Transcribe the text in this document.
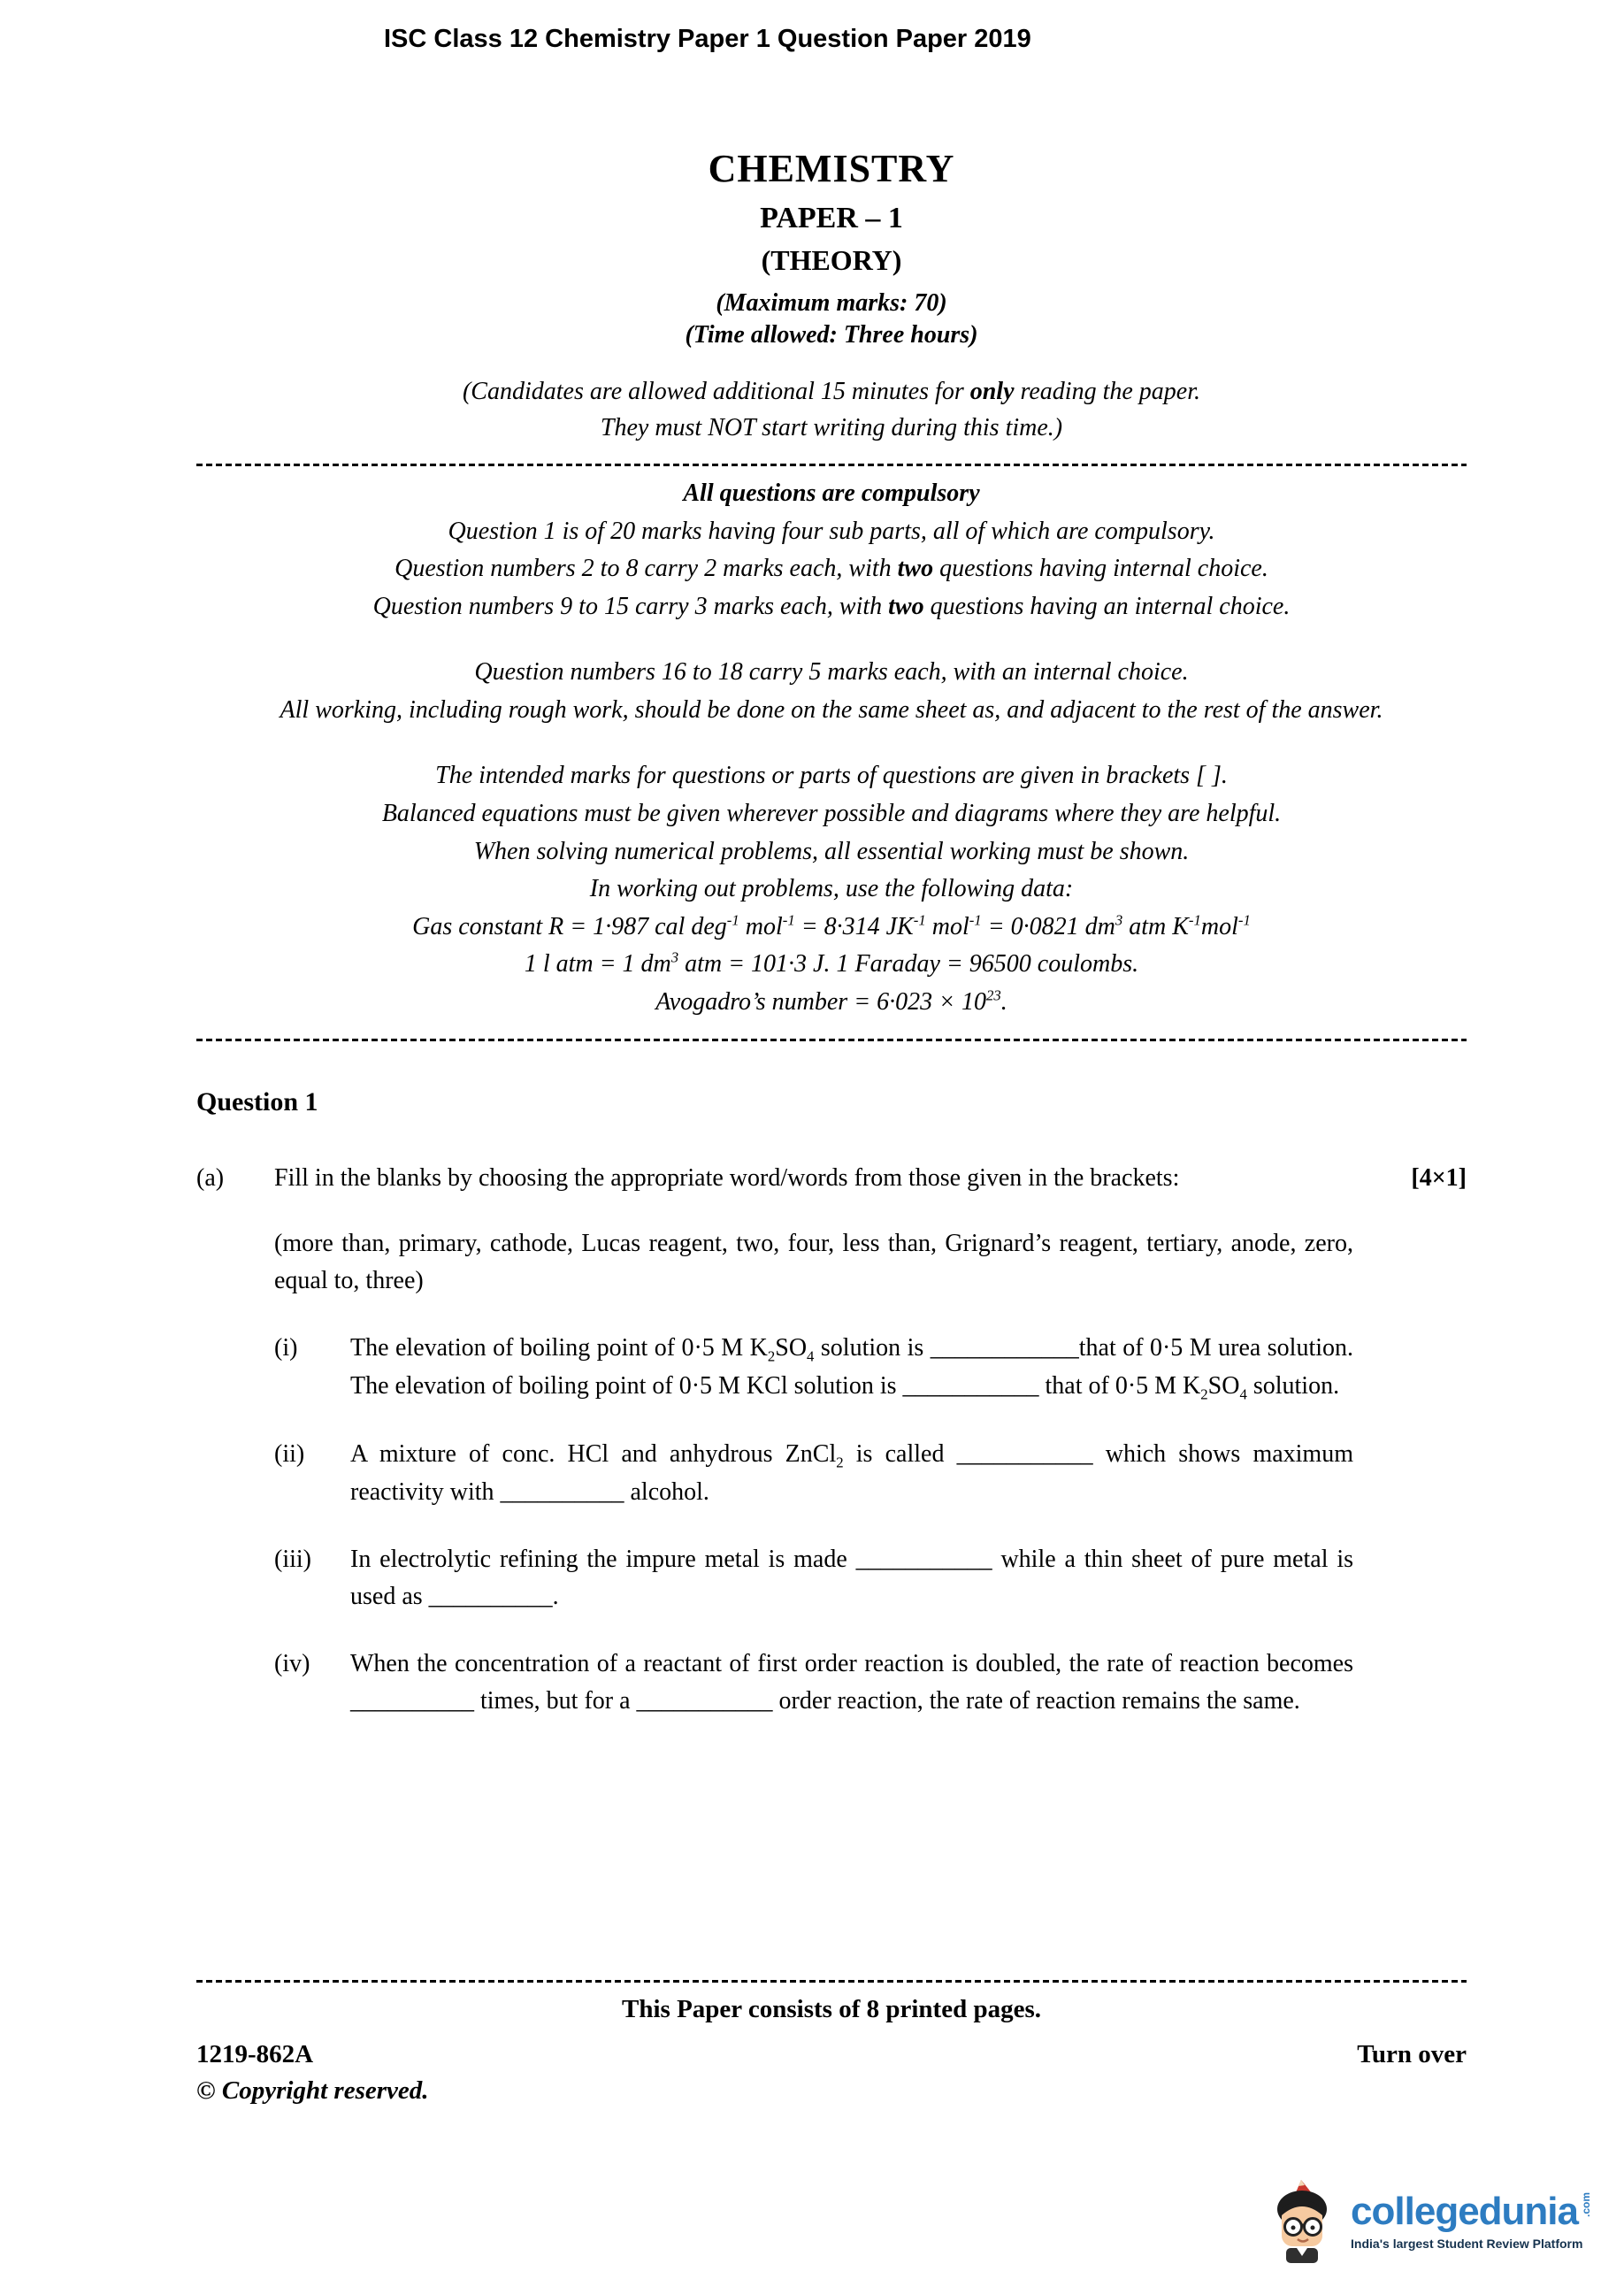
ISC Class 12 Chemistry Paper 1 Question Paper 2019
CHEMISTRY
PAPER – 1
(THEORY)
(Maximum marks: 70)
(Time allowed: Three hours)
(Candidates are allowed additional 15 minutes for only reading the paper.
They must NOT start writing during this time.)
All questions are compulsory
Question 1 is of 20 marks having four sub parts, all of which are compulsory.
Question numbers 2 to 8 carry 2 marks each, with two questions having internal choice.
Question numbers 9 to 15 carry 3 marks each, with two questions having an internal choice.
Question numbers 16 to 18 carry 5 marks each, with an internal choice.
All working, including rough work, should be done on the same sheet as, and adjacent to the rest of the answer.
The intended marks for questions or parts of questions are given in brackets [ ].
Balanced equations must be given wherever possible and diagrams where they are helpful.
When solving numerical problems, all essential working must be shown.
In working out problems, use the following data:
Gas constant R = 1·987 cal deg$^{-1}$ mol$^{-1}$ = 8·314 $JK^{-1}$ mol$^{-1}$ = 0·0821 $dm^3$ atm $K^{-1}mol^{-1}$
1 l atm = 1 $dm^3$ atm = 101·3 J. 1 Faraday = 96500 coulombs.
Avogadro’s number = $6\cdot 023 \times 10^{23}$.
Question 1
(a)	Fill in the blanks by choosing the appropriate word/words from those given in the brackets:
(more than, primary, cathode, Lucas reagent, two, four, less than, Grignard’s reagent, tertiary, anode, zero, equal to, three)
(i)	The elevation of boiling point of 0·5 M $K_2SO_4$ solution is ____________that of 0·5 M urea solution. The elevation of boiling point of 0·5 M KCl solution is ___________ that of 0·5 M $K_2SO_4$ solution.
(ii)	A mixture of conc. HCl and anhydrous ZnCl$_2$ is called ___________ which shows maximum reactivity with __________ alcohol.
(iii)	In electrolytic refining the impure metal is made ___________ while a thin sheet of pure metal is used as __________.
(iv)	When the concentration of a reactant of first order reaction is doubled, the rate of reaction becomes __________ times, but for a ___________ order reaction, the rate of reaction remains the same.
[4×1]
This Paper consists of 8 printed pages.
1219-862A	Turn over
© Copyright reserved.
collegedunia .com
India's largest Student Review Platform
